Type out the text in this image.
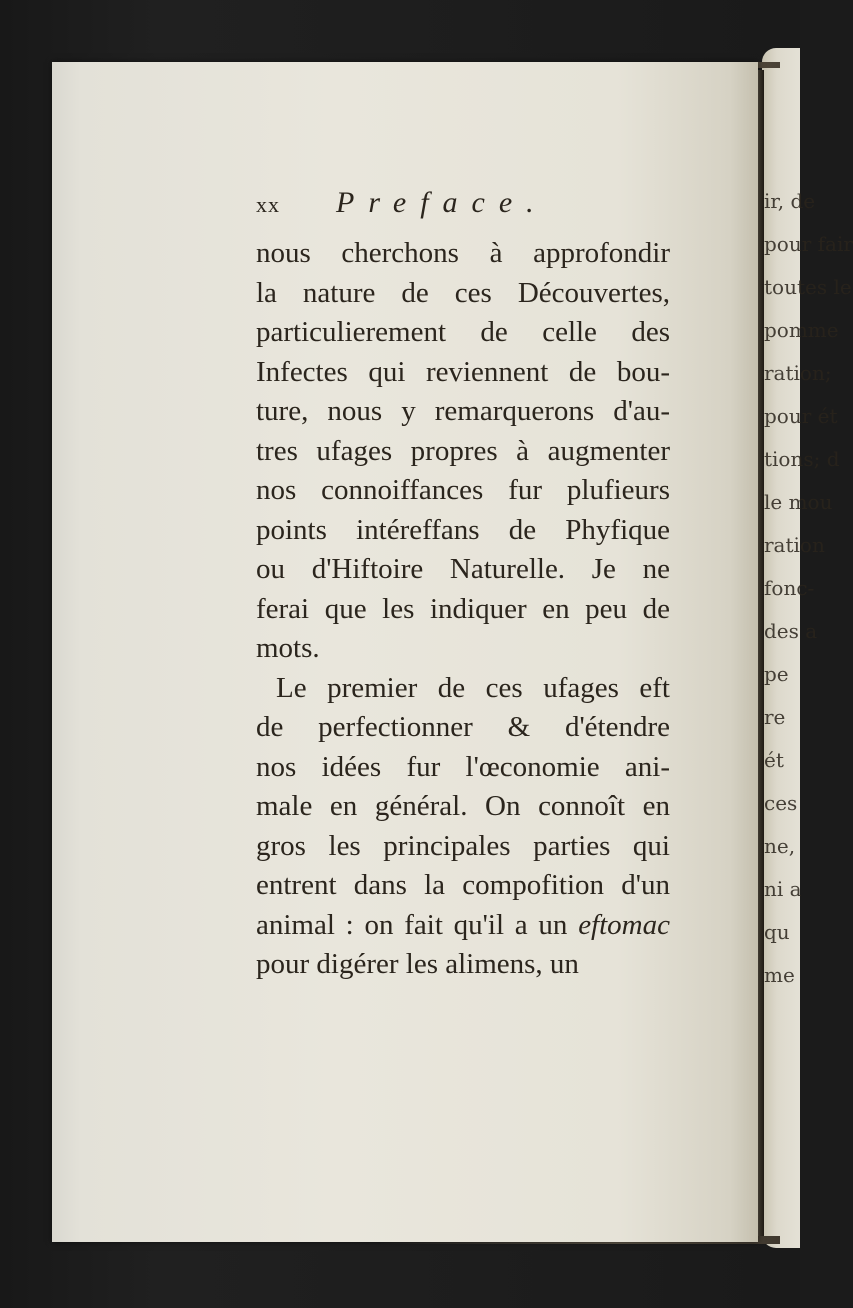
ir, de
pour fair
toutes le
pomme
ration;
pour ét
tions; d
le mou
ration
fonc-
des a
pe
re
ét
ces
ne,
ni a
qu
me
xx	Preface.
nous cherchons à approfondir
la nature de ces Découvertes,
particulierement de celle des
Infectes qui reviennent de bou-
ture, nous y remarquerons d'au-
tres ufages propres à augmenter
nos connoiffances fur plufieurs
points intéreffans de Phyfique
ou d'Hiftoire Naturelle. Je ne
ferai que les indiquer en peu de
mots.
Le premier de ces ufages eft
de perfectionner & d'étendre
nos idées fur l'œconomie ani-
male en général. On connoît en
gros les principales parties qui
entrent dans la compofition d'un
animal : on fait qu'il a un eftomac
pour digérer les alimens, un
